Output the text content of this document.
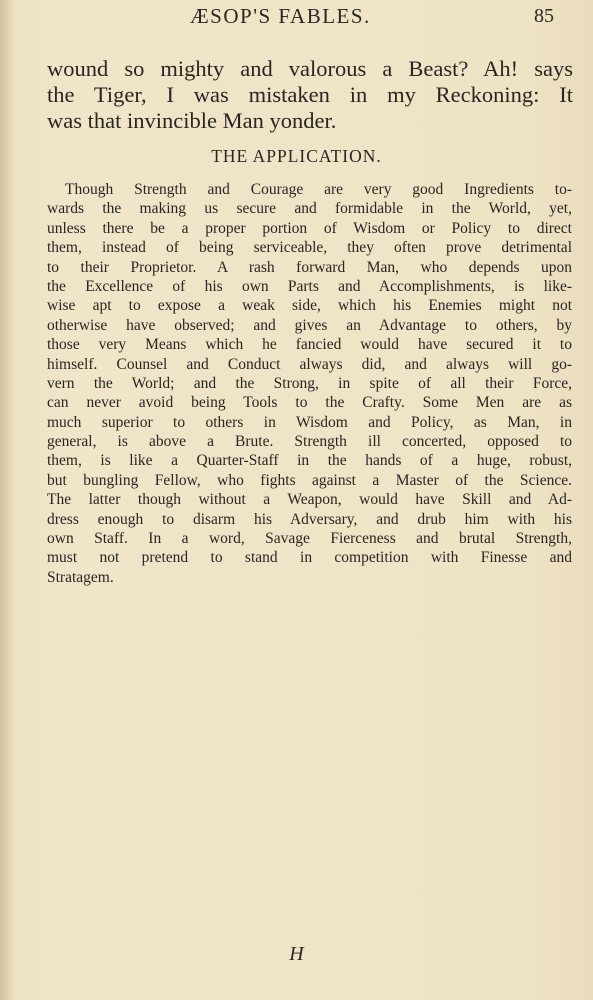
ÆSOP'S FABLES.	85
wound so mighty and valorous a Beast? Ah! says
the Tiger, I was mistaken in my Reckoning: It
was that invincible Man yonder.
THE APPLICATION.
Though Strength and Courage are very good Ingredients to-
wards the making us secure and formidable in the World, yet,
unless there be a proper portion of Wisdom or Policy to direct
them, instead of being serviceable, they often prove detrimental
to their Proprietor. A rash forward Man, who depends upon
the Excellence of his own Parts and Accomplishments, is like-
wise apt to expose a weak side, which his Enemies might not
otherwise have observed; and gives an Advantage to others, by
those very Means which he fancied would have secured it to
himself. Counsel and Conduct always did, and always will go-
vern the World; and the Strong, in spite of all their Force,
can never avoid being Tools to the Crafty. Some Men are as
much superior to others in Wisdom and Policy, as Man, in
general, is above a Brute. Strength ill concerted, opposed to
them, is like a Quarter-Staff in the hands of a huge, robust,
but bungling Fellow, who fights against a Master of the Science.
The latter though without a Weapon, would have Skill and Ad-
dress enough to disarm his Adversary, and drub him with his
own Staff. In a word, Savage Fierceness and brutal Strength,
must not pretend to stand in competition with Finesse and
Stratagem.
H
